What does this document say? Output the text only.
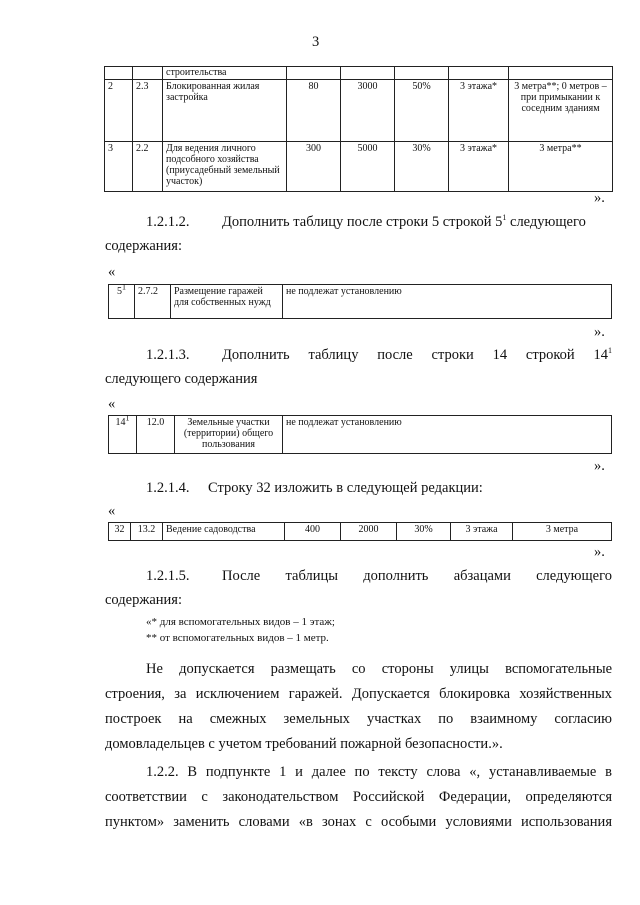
3
		строительства					
2	2.3	Блокированная жилая застройка	80	3000	50%	3 этажа*	3 метра**; 0 метров – при примыкании к соседним зданиям
3	2.2	Для ведения личного подсобного хозяйства (приусадебный земельный участок)	300	5000	30%	3 этажа*	3 метра**
».
1.2.1.2. Дополнить таблицу после строки 5 строкой $5^1$ следующего
содержания:
«
$5^1$	2.7.2	Размещение гаражей для собственных нужд	не подлежат установлению
».
1.2.1.3. Дополнить таблицу после строки 14 строкой $14^1$
следующего содержания
«
$14^1$	12.0	Земельные участки (территории) общего пользования	не подлежат установлению
».
1.2.1.4. Строку 32 изложить в следующей редакции:
«
32	13.2	Ведение садоводства	400	2000	30%	3 этажа	3 метра
».
1.2.1.5. После таблицы дополнить абзацами следующего
содержания:
«* для вспомогательных видов – 1 этаж;
** от вспомогательных видов – 1 метр.
Не допускается размещать со стороны улицы вспомогательные
строения, за исключением гаражей. Допускается блокировка хозяйственных
построек на смежных земельных участках по взаимному согласию
домовладельцев с учетом требований пожарной безопасности.».
1.2.2. В подпункте 1 и далее по тексту слова «, устанавливаемые в
соответствии с законодательством Российской Федерации, определяются
пунктом» заменить словами «в зонах с особыми условиями использования
